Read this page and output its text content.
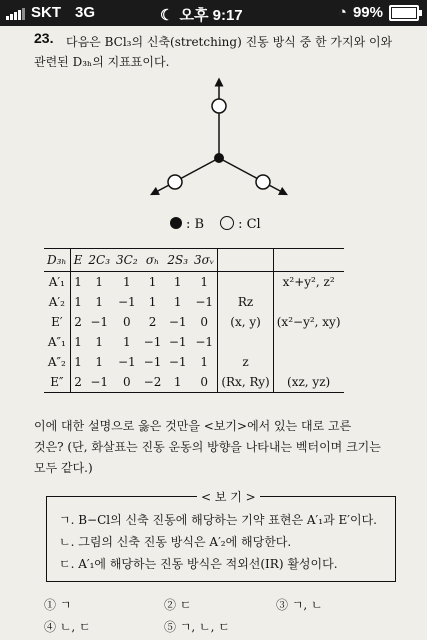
SKT 3G	☾ 오후 9:17	◔ 99%
23. 다음은 BCl₃의 신축(stretching) 진동 방식 중 한 가지와 이와
관련된 D₃ₕ의 지표표이다.
: B	: Cl
D₃ₕ	E	2C₃	3C₂	σₕ	2S₃	3σᵥ		
A′₁	1	1	1	1	1	1		x²+y², z²
A′₂	1	1	−1	1	1	−1	Rz	
E′	2	−1	0	2	−1	0	(x, y)	(x²−y², xy)
A″₁	1	1	1	−1	−1	−1		
A″₂	1	1	−1	−1	−1	1	z	
E″	2	−1	0	−2	1	0	(Rx, Ry)	(xz, yz)
이에 대한 설명으로 옳은 것만을 <보기>에서 있는 대로 고른
것은? (단, 화살표는 진동 운동의 방향을 나타내는 벡터이며 크기는
모두 같다.)
< 보 기 >
ㄱ. B−Cl의 신축 진동에 해당하는 기약 표현은 A′₁과 E′이다.
ㄴ. 그림의 신축 진동 방식은 A′₂에 해당한다.
ㄷ. A′₁에 해당하는 진동 방식은 적외선(IR) 활성이다.
① ㄱ	② ㄷ	③ ㄱ, ㄴ
④ ㄴ, ㄷ	⑤ ㄱ, ㄴ, ㄷ
